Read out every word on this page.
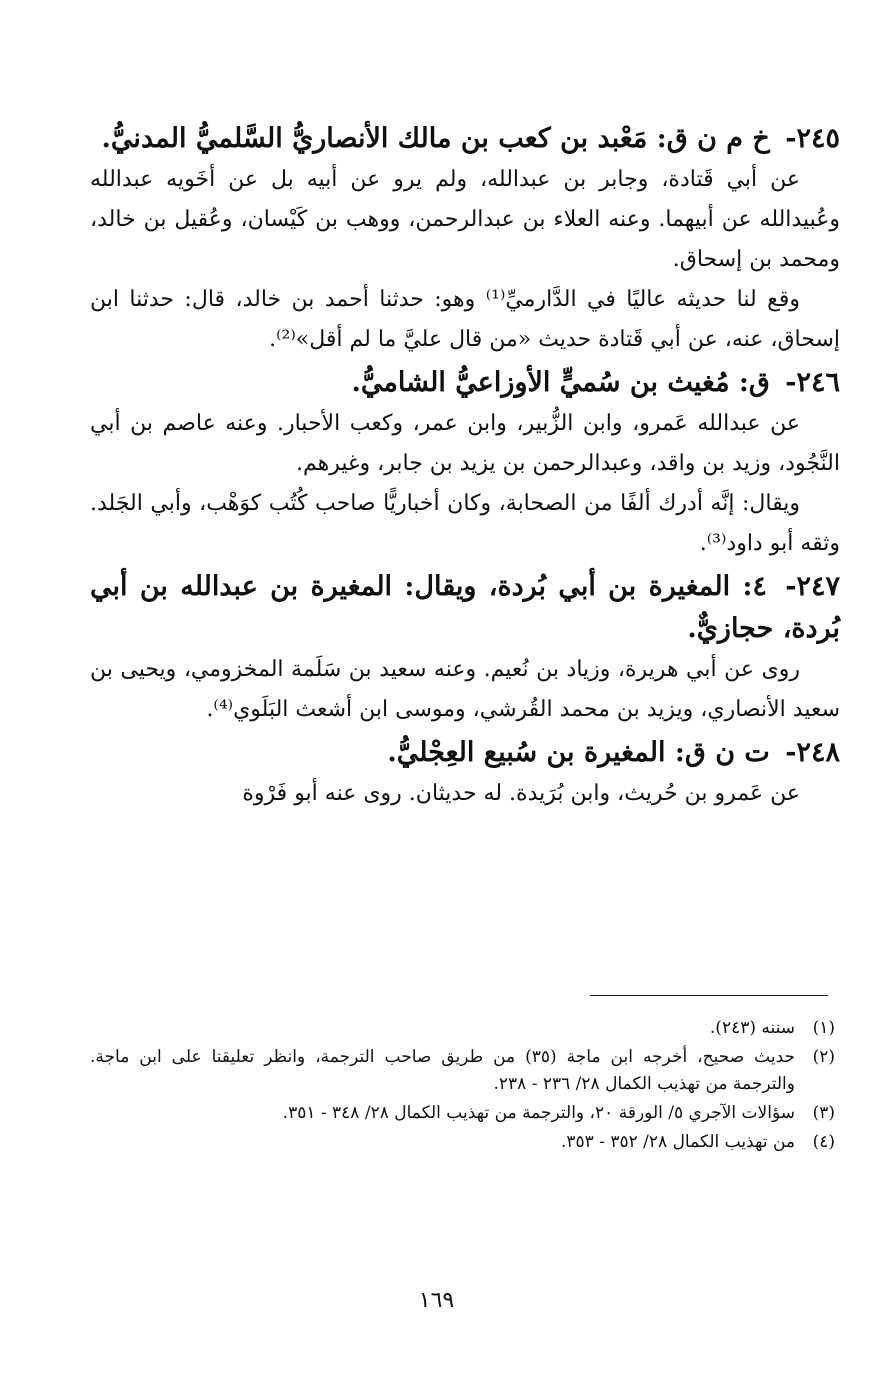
٢٤٥- خ م ن ق: مَعْبد بن كعب بن مالك الأنصاريُّ السَّلميُّ المدنيُّ.

عن أبي قَتادة، وجابر بن عبدالله، ولم يرو عن أبيه بل عن أخَويه عبدالله وعُبيدالله عن أبيهما. وعنه العلاء بن عبدالرحمن، ووهب بن كَيْسان، وعُقيل بن خالد، ومحمد بن إسحاق.

وقع لنا حديثه عاليًا في الدَّارميِّ⁽¹⁾ وهو: حدثنا أحمد بن خالد، قال: حدثنا ابن إسحاق، عنه، عن أبي قَتادة حديث «من قال عليَّ ما لم أقل»⁽²⁾.

٢٤٦- ق: مُغيث بن سُميٍّ الأوزاعيُّ الشاميُّ.

عن عبدالله عَمرو، وابن الزُّبير، وابن عمر، وكعب الأحبار. وعنه عاصم بن أبي النَّجُود، وزيد بن واقد، وعبدالرحمن بن يزيد بن جابر، وغيرهم.

ويقال: إنَّه أدرك ألفًا من الصحابة، وكان أخباريًّا صاحب كُتُب كوَهْب، وأبي الجَلد. وثقه أبو داود⁽³⁾.

٢٤٧- ٤: المغيرة بن أبي بُردة، ويقال: المغيرة بن عبدالله بن أبي بُردة، حجازيٌّ.

روى عن أبي هريرة، وزياد بن نُعيم. وعنه سعيد بن سَلَمة المخزومي، ويحيى بن سعيد الأنصاري، ويزيد بن محمد القُرشي، وموسى ابن أشعث البَلَوي⁽⁴⁾.

٢٤٨- ت ن ق: المغيرة بن سُبيع العِجْليُّ.

عن عَمرو بن حُريث، وابن بُرَيدة. له حديثان. روى عنه أبو فَرْوة

(١)
سننه (٢٤٣).
(٢)
حديث صحيح، أخرجه ابن ماجة (٣٥) من طريق صاحب الترجمة، وانظر تعليقنا على ابن ماجة. والترجمة من تهذيب الكمال ٢٨/ ٢٣٦ - ٢٣٨.
(٣)
سؤالات الآجري ٥/ الورقة ٢٠، والترجمة من تهذيب الكمال ٢٨/ ٣٤٨ - ٣٥١.
(٤)
من تهذيب الكمال ٢٨/ ٣٥٢ - ٣٥٣.
١٦٩
